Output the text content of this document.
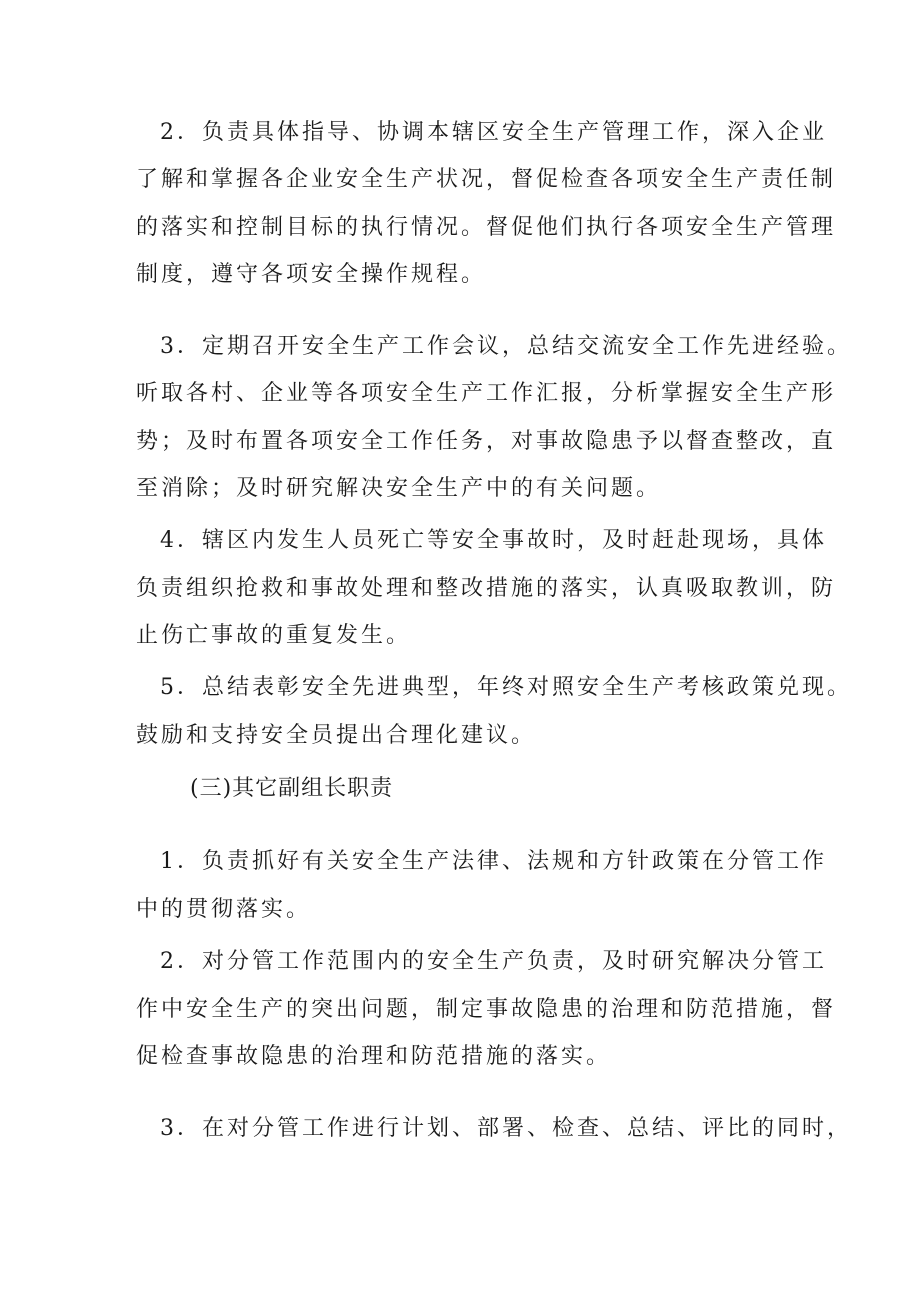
2．负责具体指导、协调本辖区安全生产管理工作，深入企业
了解和掌握各企业安全生产状况，督促检查各项安全生产责任制
的落实和控制目标的执行情况。督促他们执行各项安全生产管理
制度，遵守各项安全操作规程。
3．定期召开安全生产工作会议，总结交流安全工作先进经验。
听取各村、企业等各项安全生产工作汇报，分析掌握安全生产形
势；及时布置各项安全工作任务，对事故隐患予以督查整改，直
至消除；及时研究解决安全生产中的有关问题。
4．辖区内发生人员死亡等安全事故时，及时赶赴现场，具体
负责组织抢救和事故处理和整改措施的落实，认真吸取教训，防
止伤亡事故的重复发生。
5．总结表彰安全先进典型，年终对照安全生产考核政策兑现。
鼓励和支持安全员提出合理化建议。
(三)其它副组长职责
1．负责抓好有关安全生产法律、法规和方针政策在分管工作
中的贯彻落实。
2．对分管工作范围内的安全生产负责，及时研究解决分管工
作中安全生产的突出问题，制定事故隐患的治理和防范措施，督
促检查事故隐患的治理和防范措施的落实。
3．在对分管工作进行计划、部署、检查、总结、评比的同时，
